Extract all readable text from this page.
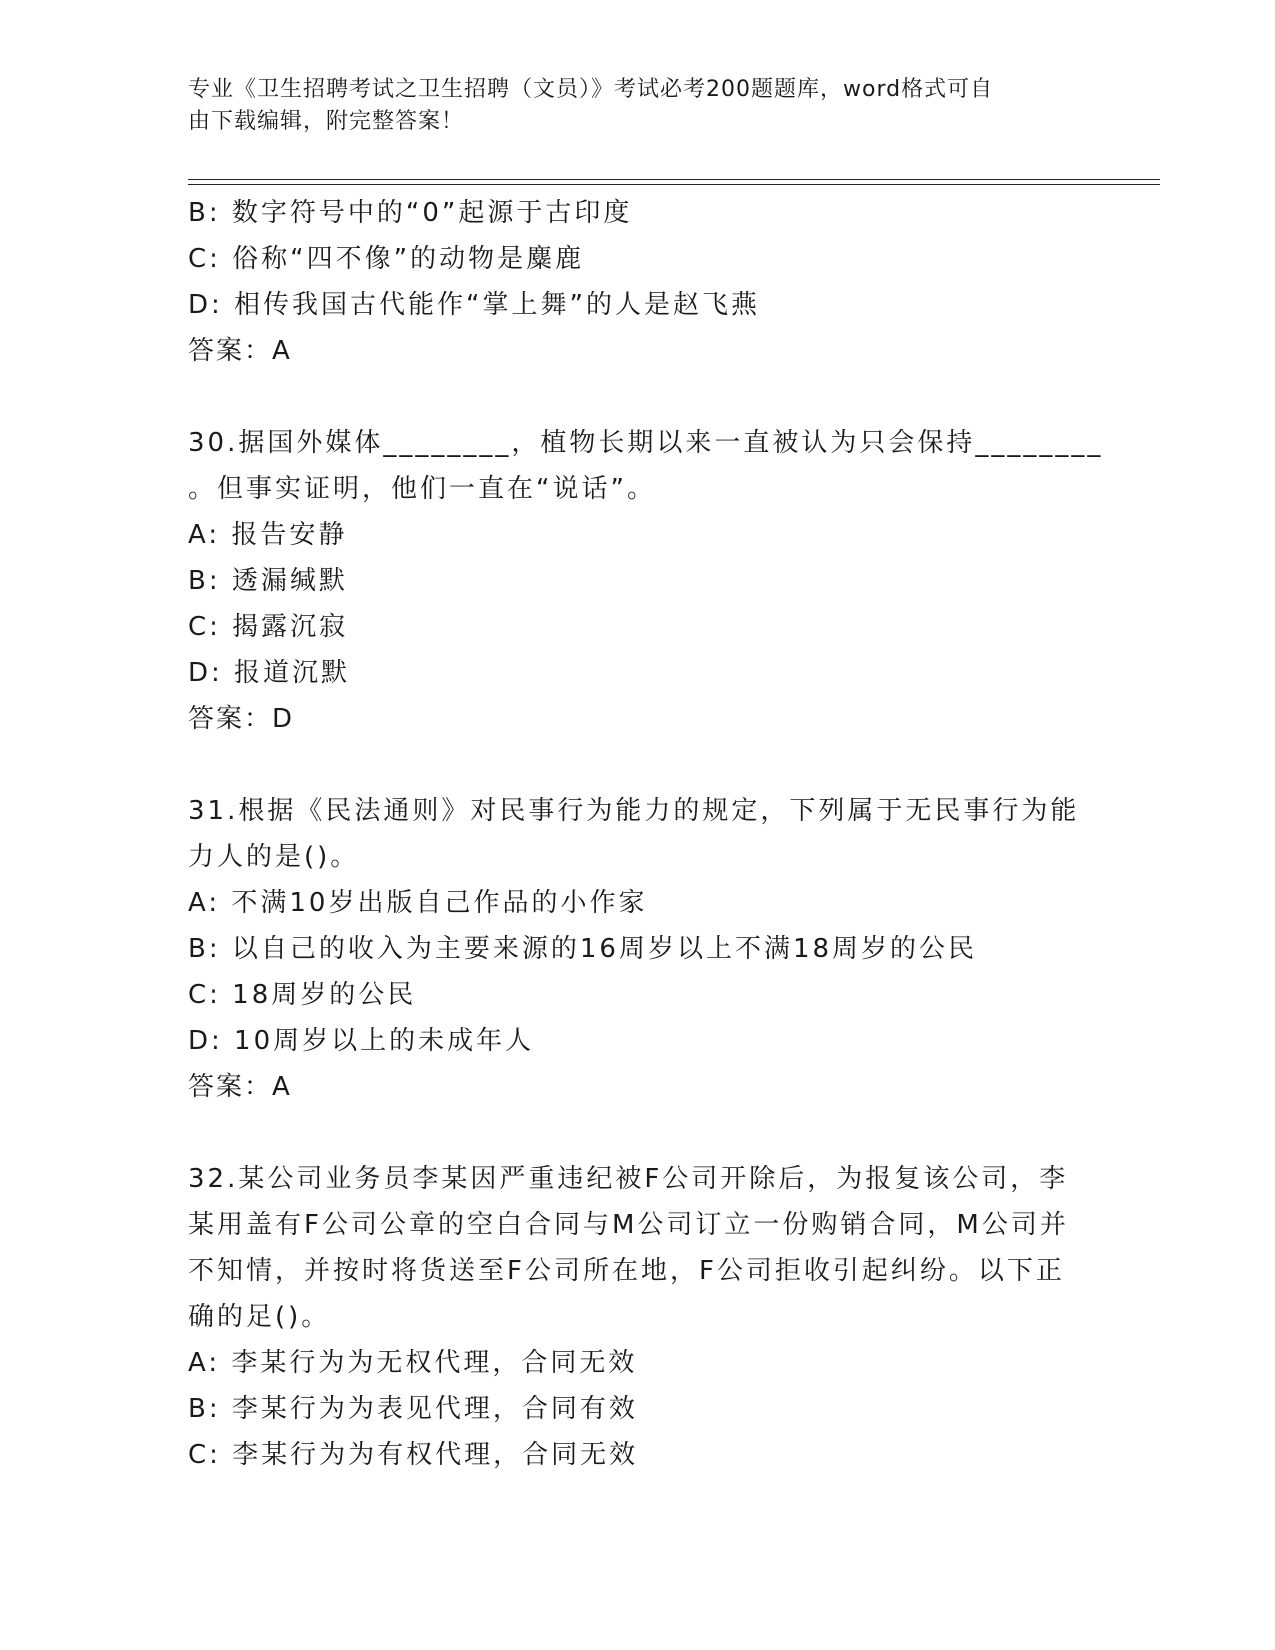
专业《卫生招聘考试之卫生招聘（文员）》考试必考200题题库，word格式可自
由下载编辑，附完整答案！
B: 数字符号中的“0”起源于古印度
C: 俗称“四不像”的动物是麋鹿
D: 相传我国古代能作“掌上舞”的人是赵飞燕
答案：A
30.据国外媒体________，植物长期以来一直被认为只会保持________
。但事实证明，他们一直在“说话”。
A: 报告安静
B: 透漏缄默
C: 揭露沉寂
D: 报道沉默
答案：D
31.根据《民法通则》对民事行为能力的规定，下列属于无民事行为能
力人的是()。
A: 不满10岁出版自己作品的小作家
B: 以自己的收入为主要来源的16周岁以上不满18周岁的公民
C: 18周岁的公民
D: 10周岁以上的未成年人
答案：A
32.某公司业务员李某因严重违纪被F公司开除后，为报复该公司，李
某用盖有F公司公章的空白合同与M公司订立一份购销合同，M公司并
不知情，并按时将货送至F公司所在地，F公司拒收引起纠纷。以下正
确的足()。
A: 李某行为为无权代理，合同无效
B: 李某行为为表见代理，合同有效
C: 李某行为为有权代理，合同无效
